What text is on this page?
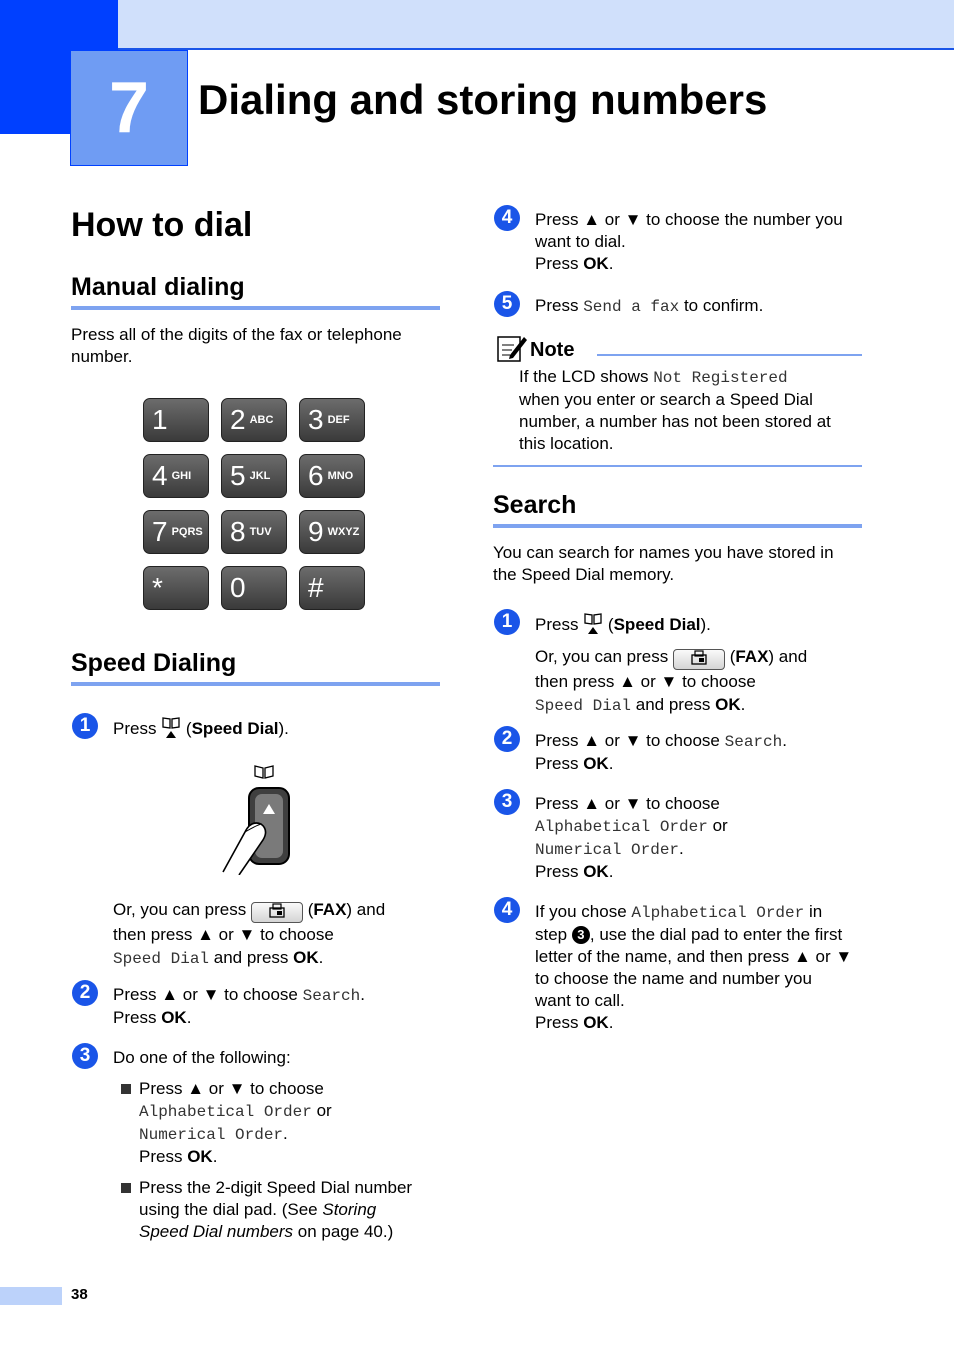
7	Dialing and storing numbers
How to dial
Manual dialing
Press all of the digits of the fax or telephone number.
1 2 ABC 3 DEF
4 GHI 5 JKL 6 MNO
7 PQRS 8 TUV 9 WXYZ
* 0 #
Speed Dialing
1	Press  (Speed Dial).
Or, you can press	(FAX) and
then press ▲ or ▼ to choose
Speed Dial and press OK.
2	Press ▲ or ▼ to choose Search.
Press OK.
3	Do one of the following:
Press ▲ or ▼ to choose
Alphabetical Order or
Numerical Order.
Press OK.
Press the 2-digit Speed Dial number
using the dial pad. (See Storing
Speed Dial numbers on page 40.)
4	Press ▲ or ▼ to choose the number you
want to dial.
Press OK.
5	Press Send a fax to confirm.
Note
If the LCD shows Not Registered
when you enter or search a Speed Dial
number, a number has not been stored at
this location.
Search
You can search for names you have stored in
the Speed Dial memory.
1	Press  (Speed Dial).
Or, you can press	(FAX) and
then press ▲ or ▼ to choose
Speed Dial and press OK.
2	Press ▲ or ▼ to choose Search.
Press OK.
3	Press ▲ or ▼ to choose
Alphabetical Order or
Numerical Order.
Press OK.
4	If you chose Alphabetical Order in
step 3 , use the dial pad to enter the first
letter of the name, and then press ▲ or ▼
to choose the name and number you
want to call.
Press OK.
38
